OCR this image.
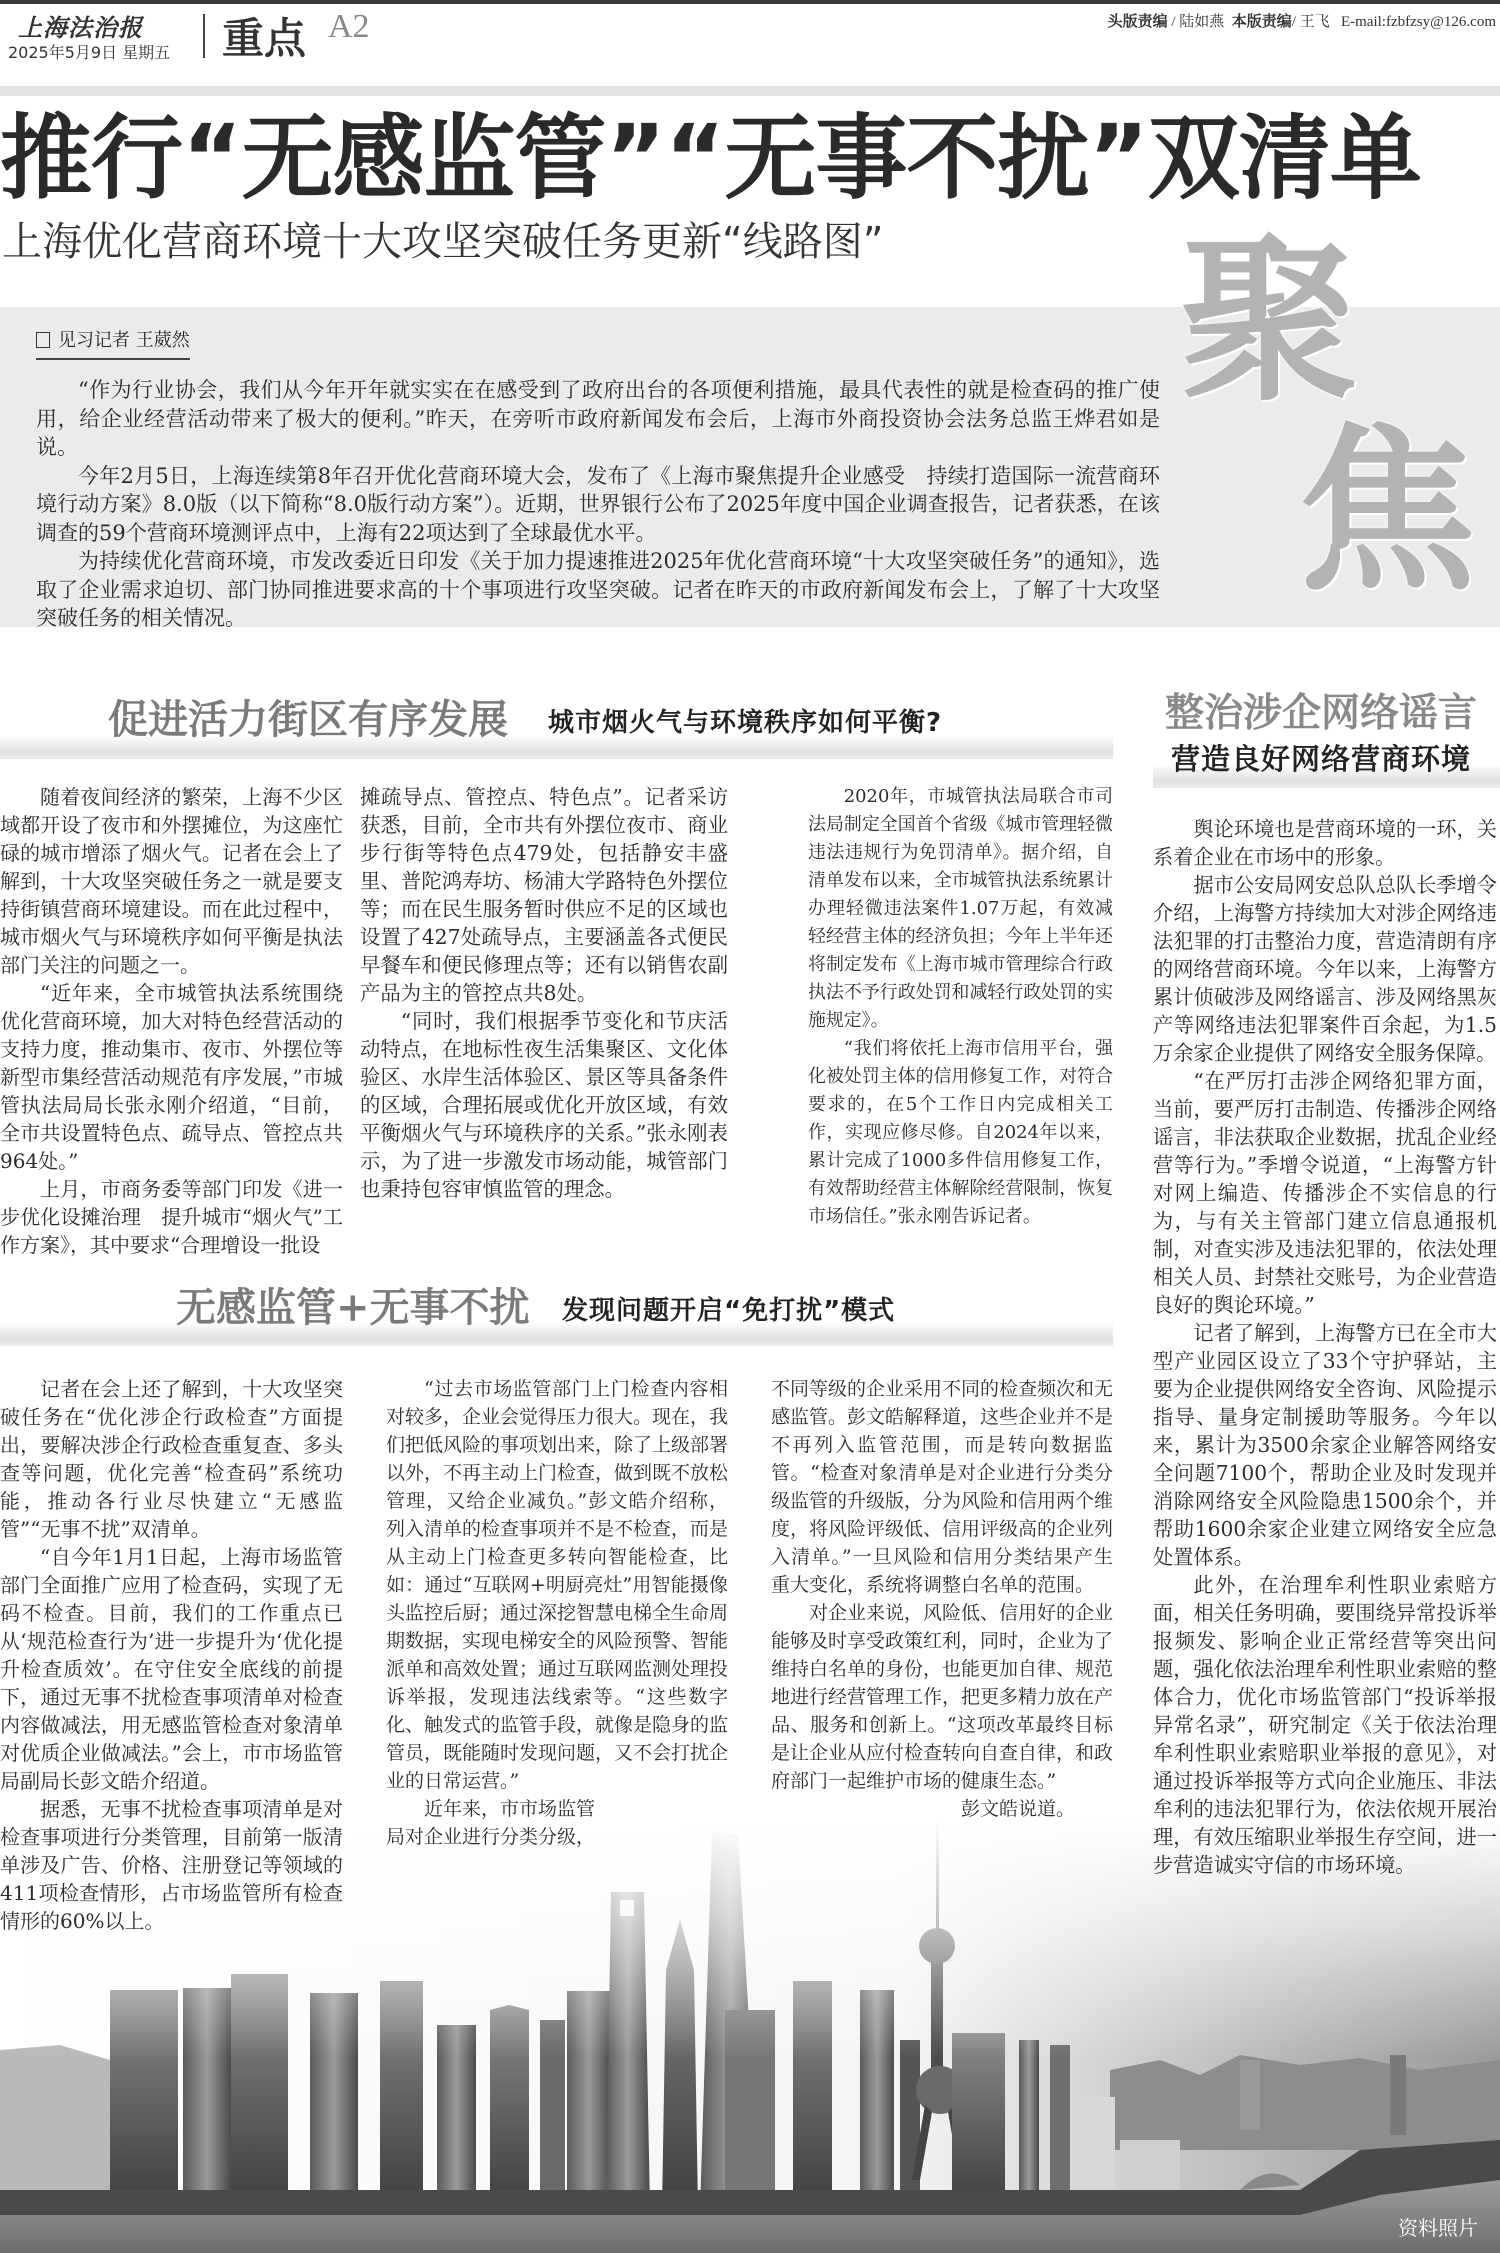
上海法治报
2025年5月9日 星期五 重点 A2	头版责编 / 陆如燕 本版责编/ 王飞 E-mail:fzbfzsy@126.com
推行“无感监管”“无事不扰”双清单
上海优化营商环境十大攻坚突破任务更新“线路图”
见习记者 王葳然

“作为行业协会，我们从今年开年就实实在在感受到了政府出台的各项便利措施，最具代表性的就是检查码的推广使用，给企业经营活动带来了极大的便利。”昨天，在旁听市政府新闻发布会后，上海市外商投资协会法务总监王烨君如是说。

今年2月5日，上海连续第8年召开优化营商环境大会，发布了《上海市聚焦提升企业感受　持续打造国际一流营商环境行动方案》8.0版（以下简称“8.0版行动方案”）。近期，世界银行公布了2025年度中国企业调查报告，记者获悉，在该调查的59个营商环境测评点中，上海有22项达到了全球最优水平。

为持续优化营商环境，市发改委近日印发《关于加力提速推进2025年优化营商环境“十大攻坚突破任务”的通知》，选取了企业需求迫切、部门协同推进要求高的十个事项进行攻坚突破。记者在昨天的市政府新闻发布会上，了解了十大攻坚突破任务的相关情况。

聚
焦
促进活力街区有序发展 城市烟火气与环境秩序如何平衡?

随着夜间经济的繁荣，上海不少区域都开设了夜市和外摆摊位，为这座忙碌的城市增添了烟火气。记者在会上了解到，十大攻坚突破任务之一就是要支持街镇营商环境建设。而在此过程中，城市烟火气与环境秩序如何平衡是执法部门关注的问题之一。

“近年来，全市城管执法系统围绕优化营商环境，加大对特色经营活动的支持力度，推动集市、夜市、外摆位等新型市集经营活动规范有序发展，”市城管执法局局长张永刚介绍道，“目前，全市共设置特色点、疏导点、管控点共964处。”

上月，市商务委等部门印发《进一步优化设摊治理　提升城市“烟火气”工作方案》，其中要求“合理增设一批设

摊疏导点、管控点、特色点”。记者采访获悉，目前，全市共有外摆位夜市、商业步行街等特色点479处，包括静安丰盛里、普陀鸿寿坊、杨浦大学路特色外摆位等；而在民生服务暂时供应不足的区域也设置了427处疏导点，主要涵盖各式便民早餐车和便民修理点等；还有以销售农副产品为主的管控点共8处。

“同时，我们根据季节变化和节庆活动特点，在地标性夜生活集聚区、文化体验区、水岸生活体验区、景区等具备条件的区域，合理拓展或优化开放区域，有效平衡烟火气与环境秩序的关系。”张永刚表示，为了进一步激发市场动能，城管部门也秉持包容审慎监管的理念。

2020年，市城管执法局联合市司法局制定全国首个省级《城市管理轻微违法违规行为免罚清单》。据介绍，自清单发布以来，全市城管执法系统累计办理轻微违法案件1.07万起，有效减轻经营主体的经济负担；今年上半年还将制定发布《上海市城市管理综合行政执法不予行政处罚和减轻行政处罚的实施规定》。

“我们将依托上海市信用平台，强化被处罚主体的信用修复工作，对符合要求的，在5个工作日内完成相关工作，实现应修尽修。自2024年以来，累计完成了1000多件信用修复工作，有效帮助经营主体解除经营限制，恢复市场信任。”张永刚告诉记者。

整治涉企网络谣言
营造良好网络营商环境

舆论环境也是营商环境的一环，关系着企业在市场中的形象。

据市公安局网安总队总队长季增令介绍，上海警方持续加大对涉企网络违法犯罪的打击整治力度，营造清朗有序的网络营商环境。今年以来，上海警方累计侦破涉及网络谣言、涉及网络黑灰产等网络违法犯罪案件百余起，为1.5万余家企业提供了网络安全服务保障。

“在严厉打击涉企网络犯罪方面，当前，要严厉打击制造、传播涉企网络谣言，非法获取企业数据，扰乱企业经营等行为。”季增令说道，“上海警方针对网上编造、传播涉企不实信息的行为，与有关主管部门建立信息通报机制，对查实涉及违法犯罪的，依法处理相关人员、封禁社交账号，为企业营造良好的舆论环境。”

记者了解到，上海警方已在全市大型产业园区设立了33个守护驿站，主要为企业提供网络安全咨询、风险提示指导、量身定制援助等服务。今年以来，累计为3500余家企业解答网络安全问题7100个，帮助企业及时发现并消除网络安全风险隐患1500余个，并帮助1600余家企业建立网络安全应急处置体系。

此外，在治理牟利性职业索赔方面，相关任务明确，要围绕异常投诉举报频发、影响企业正常经营等突出问题，强化依法治理牟利性职业索赔的整体合力，优化市场监管部门“投诉举报异常名录”，研究制定《关于依法治理牟利性职业索赔职业举报的意见》，对通过投诉举报等方式向企业施压、非法牟利的违法犯罪行为，依法依规开展治理，有效压缩职业举报生存空间，进一步营造诚实守信的市场环境。

无感监管+无事不扰 发现问题开启“免打扰”模式

记者在会上还了解到，十大攻坚突破任务在“优化涉企行政检查”方面提出，要解决涉企行政检查重复查、多头查等问题，优化完善“检查码”系统功能，推动各行业尽快建立“无感监管”“无事不扰”双清单。

“自今年1月1日起，上海市场监管部门全面推广应用了检查码，实现了无码不检查。目前，我们的工作重点已从‘规范检查行为’进一步提升为‘优化提升检查质效’。在守住安全底线的前提下，通过无事不扰检查事项清单对检查内容做减法，用无感监管检查对象清单对优质企业做减法。”会上，市市场监管局副局长彭文皓介绍道。

据悉，无事不扰检查事项清单是对检查事项进行分类管理，目前第一版清单涉及广告、价格、注册登记等领域的411项检查情形，占市场监管所有检查情形的60%以上。

“过去市场监管部门上门检查内容相对较多，企业会觉得压力很大。现在，我们把低风险的事项划出来，除了上级部署以外，不再主动上门检查，做到既不放松管理，又给企业减负。”彭文皓介绍称，列入清单的检查事项并不是不检查，而是从主动上门检查更多转向智能检查，比如：通过“互联网+明厨亮灶”用智能摄像头监控后厨；通过深挖智慧电梯全生命周期数据，实现电梯安全的风险预警、智能派单和高效处置；通过互联网监测处理投诉举报，发现违法线索等。“这些数字化、触发式的监管手段，就像是隐身的监管员，既能随时发现问题，又不会打扰企业的日常运营。”

近年来，市市场监管
局对企业进行分类分级，

不同等级的企业采用不同的检查频次和无感监管。彭文皓解释道，这些企业并不是不再列入监管范围，而是转向数据监管。“检查对象清单是对企业进行分类分级监管的升级版，分为风险和信用两个维度，将风险评级低、信用评级高的企业列入清单。”一旦风险和信用分类结果产生重大变化，系统将调整白名单的范围。

对企业来说，风险低、信用好的企业能够及时享受政策红利，同时，企业为了维持白名单的身份，也能更加自律、规范地进行经营管理工作，把更多精力放在产品、服务和创新上。“这项改革最终目标是让企业从应付检查转向自查自律，和政府部门一起维护市场的健康生态。”

彭文皓说道。

资料照片
